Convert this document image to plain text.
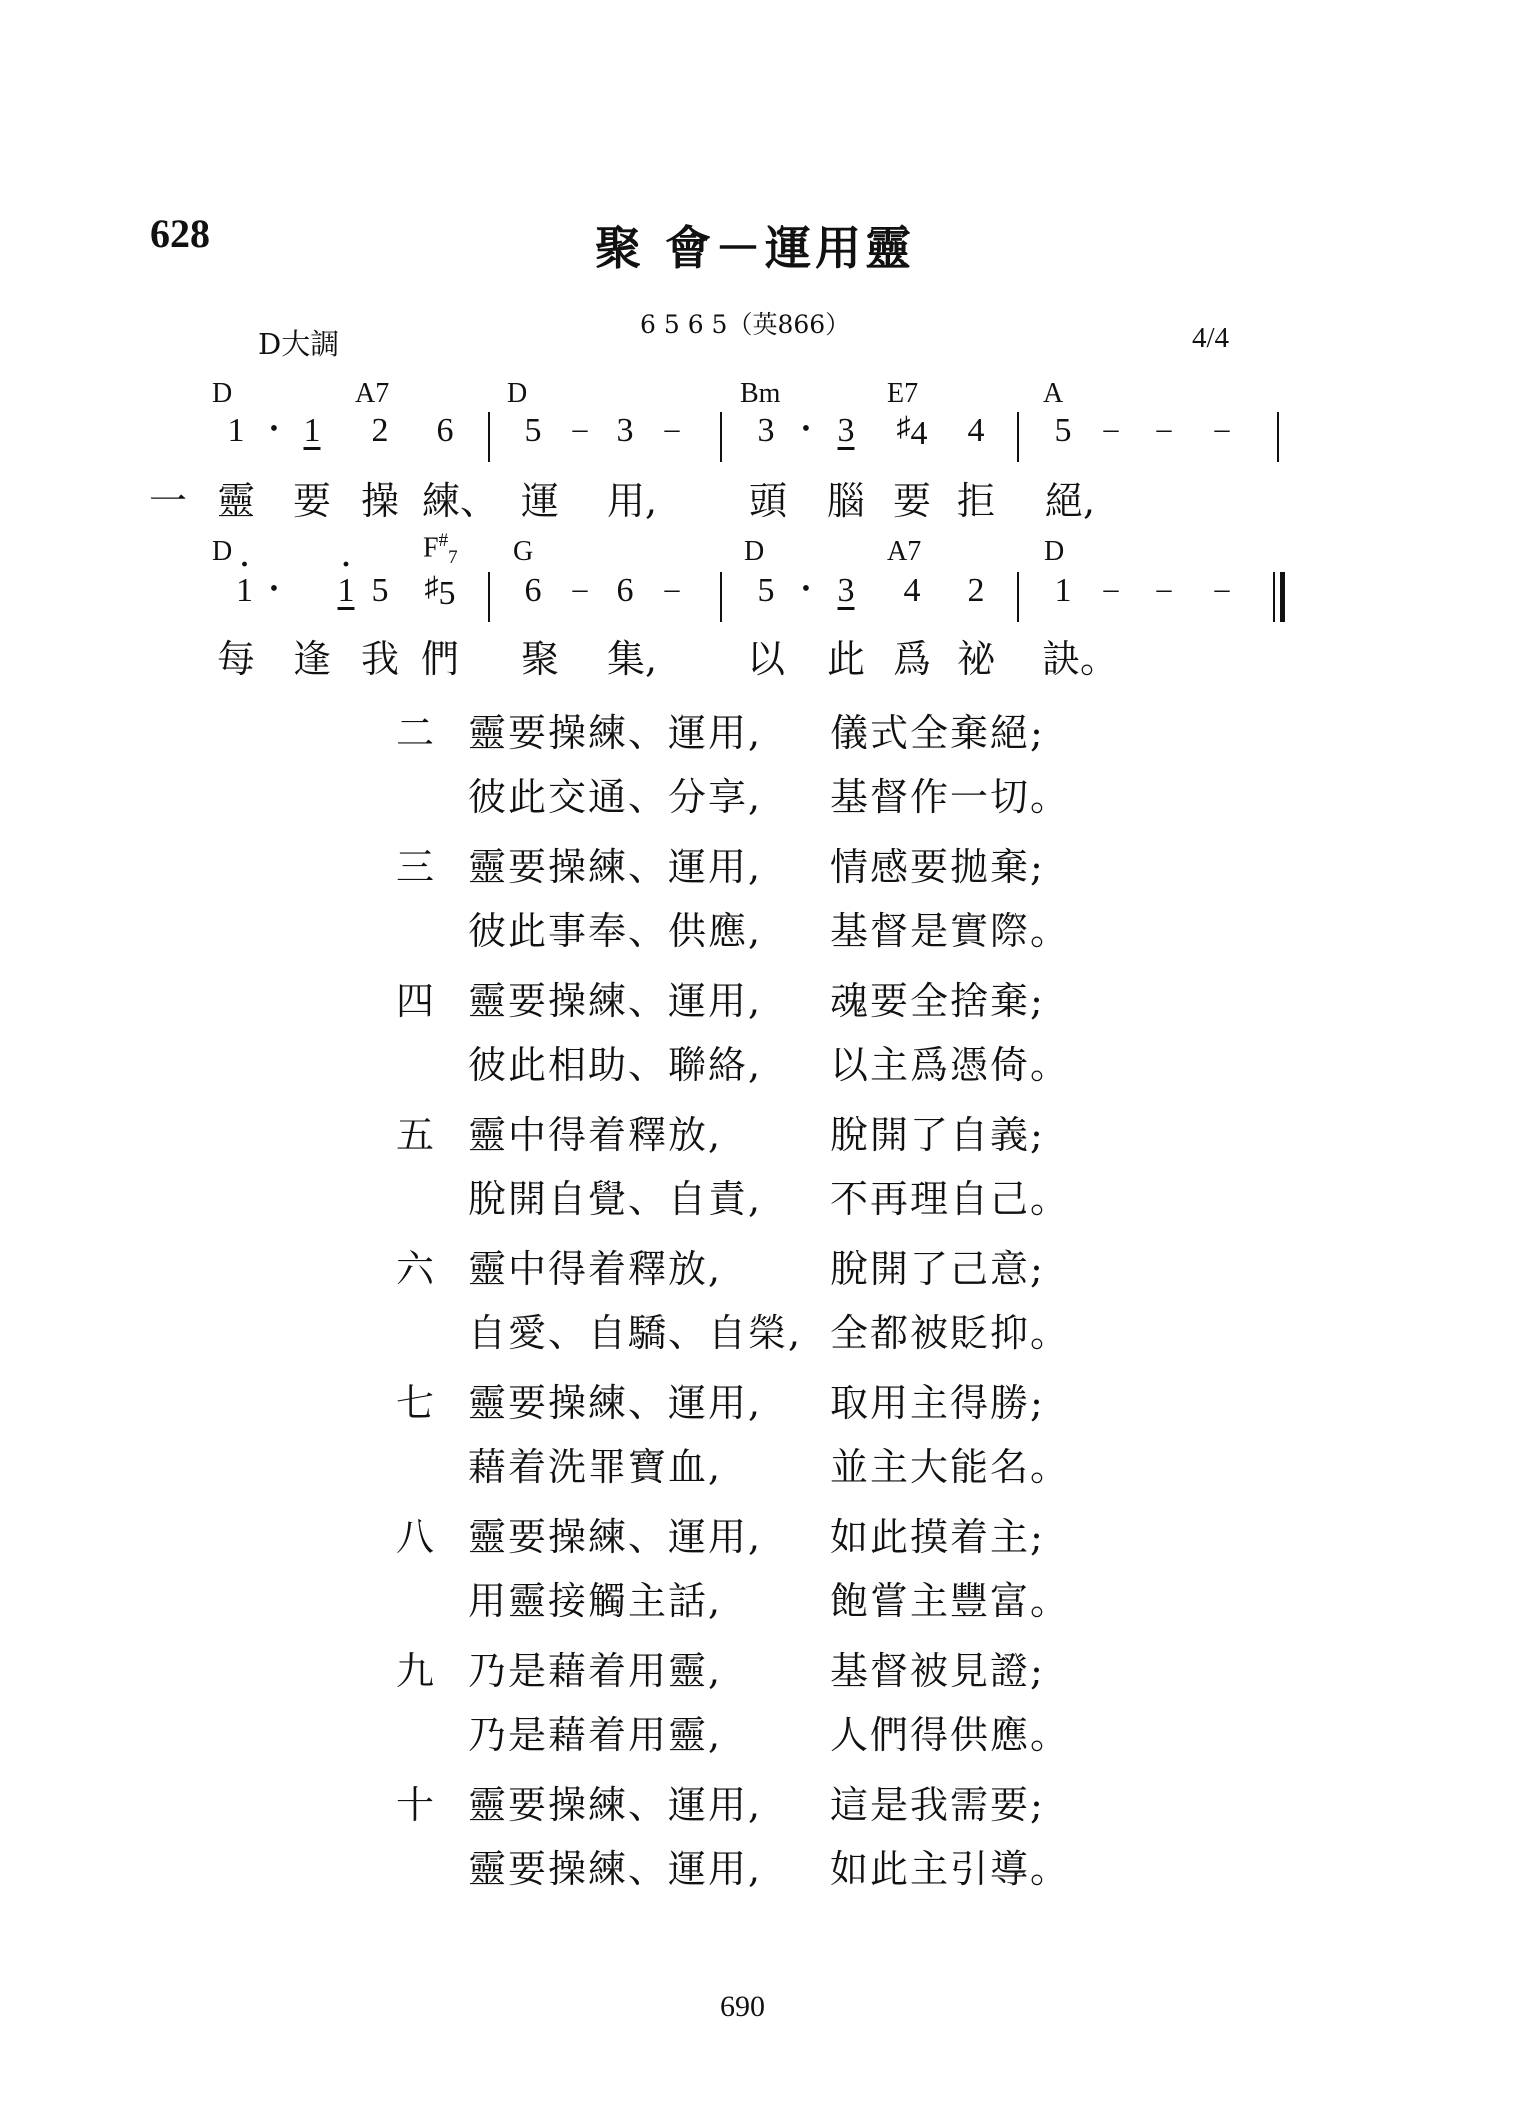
628	聚 會－運用靈
6 5 6 5（英866）
D大調	4/4
D	A7	D	Bm	E7	A
1 • 1 2 6 5 – 3 – 3 • 3 ♯4 4 5 – – –
一 靈 要 操 練、 運 用, 頭 腦 要 拒 絕,
D	$F^{\#}_7$ G	D	A7	D
· 1 •
· 1 5 ♯5 6 – 6 – 5 • 3 4 2 1 – – –
每 逢 我 們 聚 集, 以 此 爲 祕 訣。
二 靈要操練、運用, 儀式全棄絕;
彼此交通、分享, 基督作一切。
三 靈要操練、運用, 情感要拋棄;
彼此事奉、供應, 基督是實際。
四 靈要操練、運用, 魂要全捨棄;
彼此相助、聯絡, 以主爲憑倚。
五 靈中得着釋放,	脫開了自義;
脫開自覺、自責, 不再理自己。
六 靈中得着釋放,	脫開了己意;
自愛、自驕、自榮, 全都被貶抑。
七 靈要操練、運用, 取用主得勝;
藉着洗罪寶血,	並主大能名。
八 靈要操練、運用, 如此摸着主;
用靈接觸主話,	飽嘗主豐富。
九 乃是藉着用靈,	基督被見證;
乃是藉着用靈,	人們得供應。
十 靈要操練、運用, 這是我需要;
靈要操練、運用, 如此主引導。
690
